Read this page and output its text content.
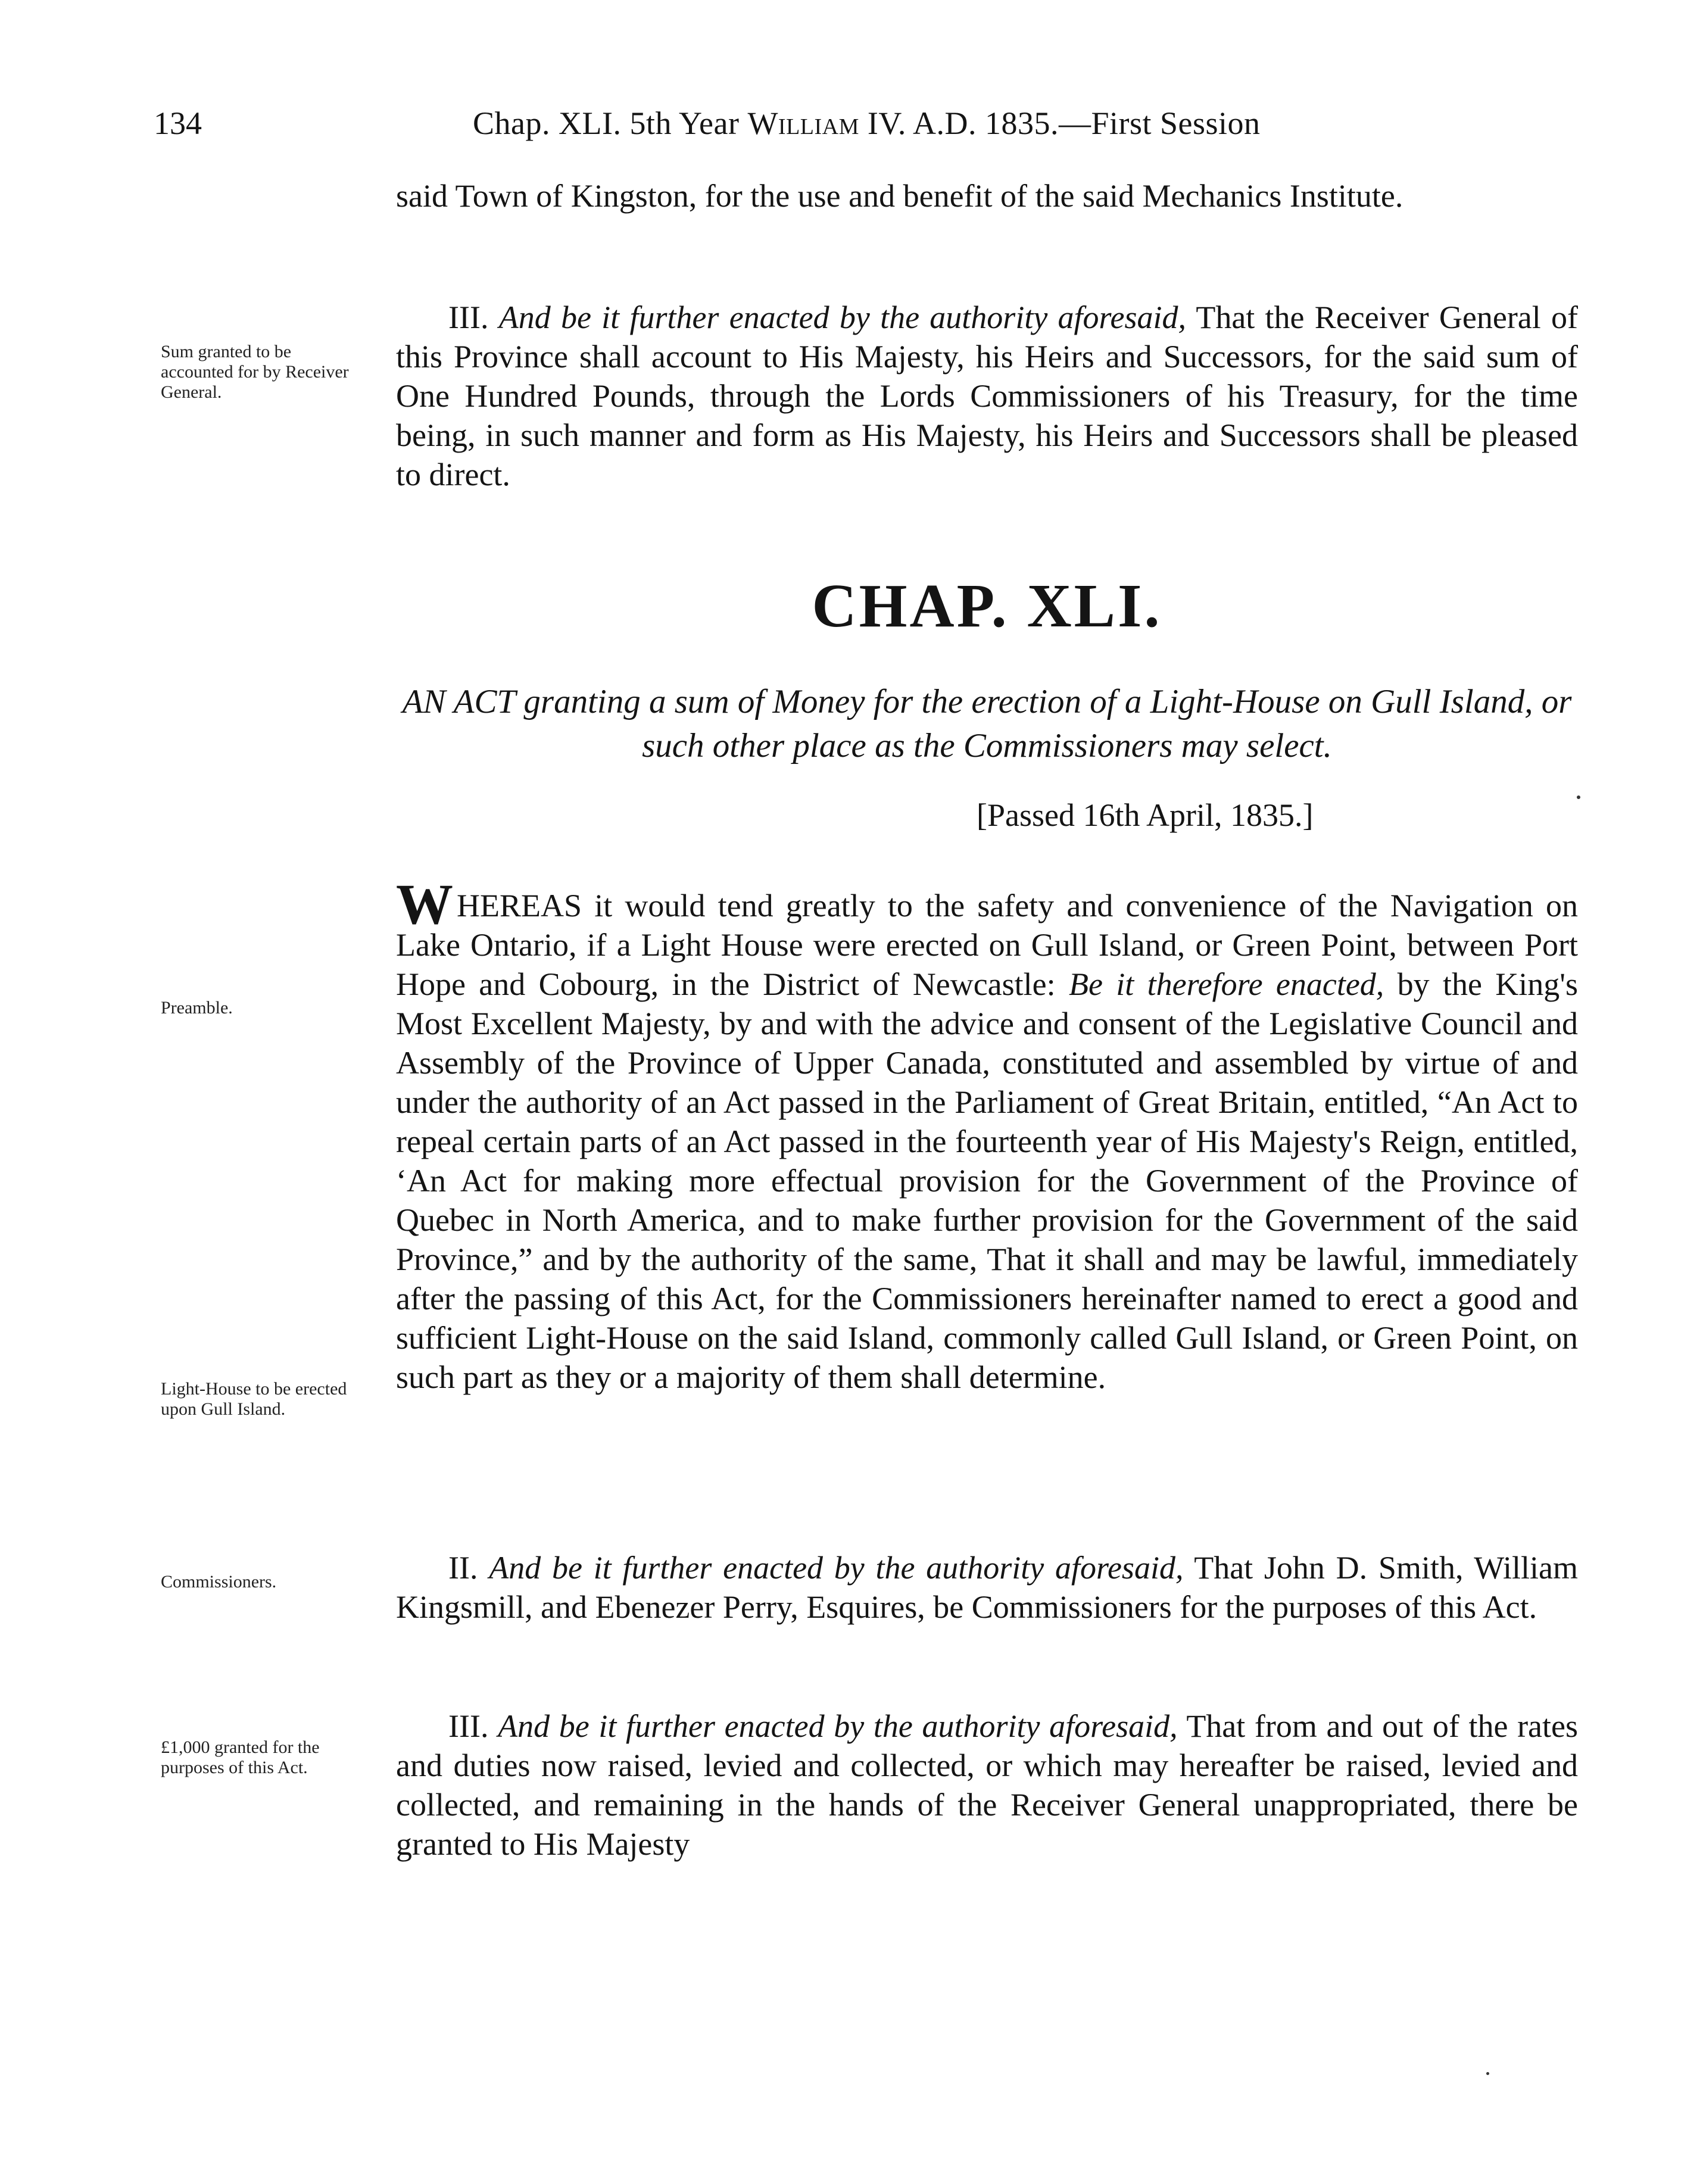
134	Chap. XLI. 5th Year William IV. A.D. 1835.—First Session

said Town of Kingston, for the use and benefit of the said Mechanics Institute.

Sum granted to be accounted for by Receiver General.

III. And be it further enacted by the authority aforesaid, That the Receiver General of this Province shall account to His Majesty, his Heirs and Successors, for the said sum of One Hundred Pounds, through the Lords Commissioners of his Treasury, for the time being, in such manner and form as His Majesty, his Heirs and Successors shall be pleased to direct.

CHAP. XLI.

AN ACT granting a sum of Money for the erection of a Light-House on Gull Island, or such other place as the Commissioners may select.

[Passed 16th April, 1835.]

Preamble.

Light-House to be erected upon Gull Island.

WHEREAS it would tend greatly to the safety and convenience of the Navigation on Lake Ontario, if a Light House were erected on Gull Island, or Green Point, between Port Hope and Cobourg, in the District of Newcastle: Be it therefore enacted, by the King's Most Excellent Majesty, by and with the advice and consent of the Legislative Council and Assembly of the Province of Upper Canada, constituted and assembled by virtue of and under the authority of an Act passed in the Parliament of Great Britain, entitled, “An Act to repeal certain parts of an Act passed in the fourteenth year of His Majesty's Reign, entitled, ‘An Act for making more effectual provision for the Government of the Province of Quebec in North America, and to make further provision for the Government of the said Province,” and by the authority of the same, That it shall and may be lawful, immediately after the passing of this Act, for the Commissioners hereinafter named to erect a good and sufficient Light-House on the said Island, commonly called Gull Island, or Green Point, on such part as they or a majority of them shall determine.

Commissioners.	II. And be it further enacted by the authority aforesaid, That John D. Smith, William Kingsmill, and Ebenezer Perry, Esquires, be Commissioners for the purposes of this Act.

£1,000 granted for the purposes of this Act.

III. And be it further enacted by the authority aforesaid, That from and out of the rates and duties now raised, levied and collected, or which may hereafter be raised, levied and collected, and remaining in the hands of the Receiver General unappropriated, there be granted to His Majesty
